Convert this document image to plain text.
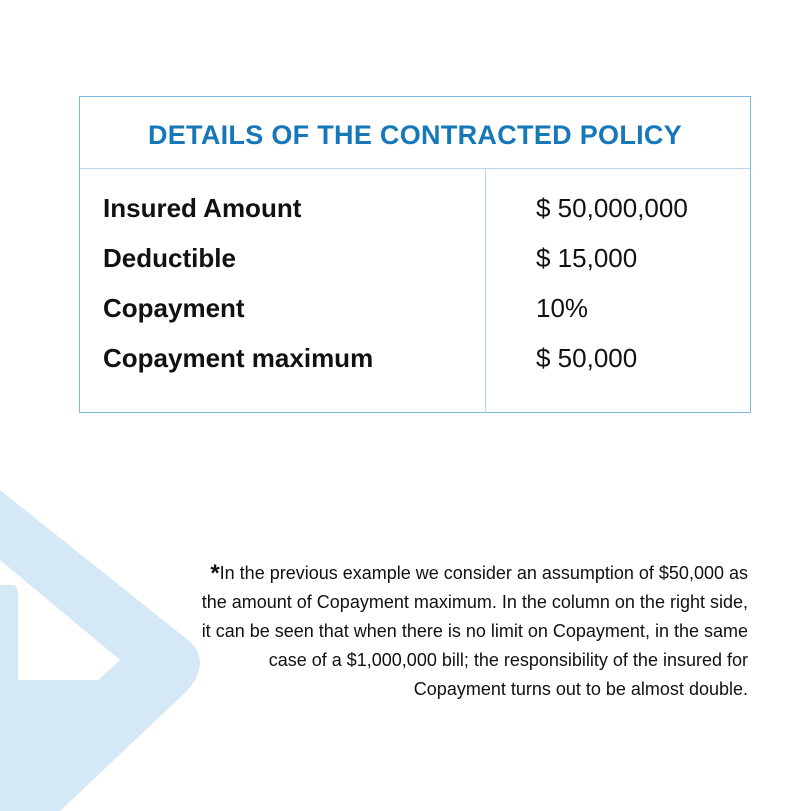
DETAILS OF THE CONTRACTED POLICY
Insured Amount	$ 50,000,000
Deductible	$ 15,000
Copayment	10%
Copayment maximum	$ 50,000
*In the previous example we consider an assumption of $50,000 as
the amount of Copayment maximum. In the column on the right side,
it can be seen that when there is no limit on Copayment, in the same
case of a $1,000,000 bill; the responsibility of the insured for
Copayment turns out to be almost double.
